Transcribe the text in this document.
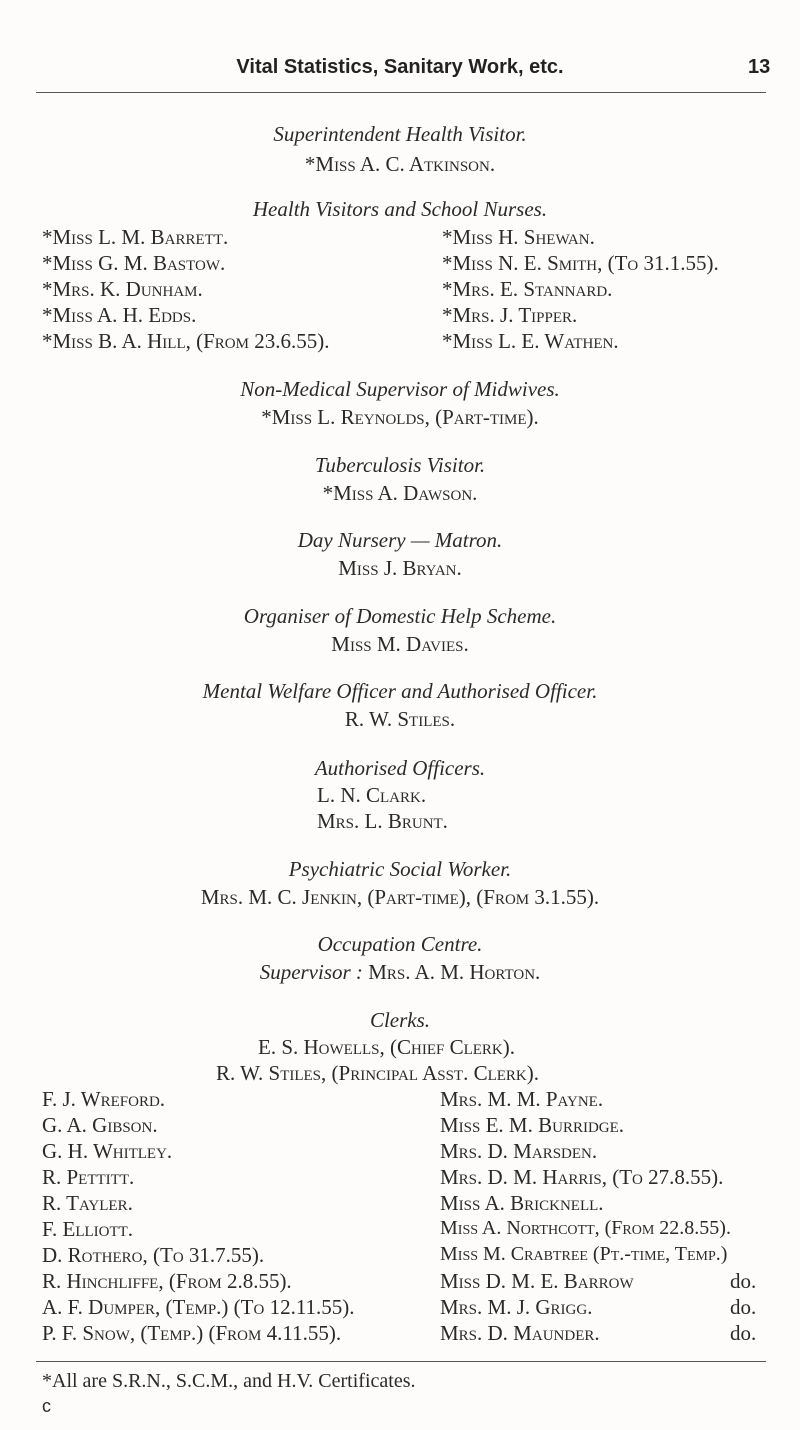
Vital Statistics, Sanitary Work, etc.	13
Superintendent Health Visitor.
*Miss A. C. Atkinson.
Health Visitors and School Nurses.
*Miss L. M. Barrett.
*Miss G. M. Bastow.
*Mrs. K. Dunham.
*Miss A. H. Edds.
*Miss B. A. Hill, (From 23.6.55).
*Miss H. Shewan.
*Miss N. E. Smith, (To 31.1.55).
*Mrs. E. Stannard.
*Mrs. J. Tipper.
*Miss L. E. Wathen.
Non-Medical Supervisor of Midwives.
*Miss L. Reynolds, (Part-time).
Tuberculosis Visitor.
*Miss A. Dawson.
Day Nursery — Matron.
Miss J. Bryan.
Organiser of Domestic Help Scheme.
Miss M. Davies.
Mental Welfare Officer and Authorised Officer.
R. W. Stiles.
Authorised Officers.
L. N. Clark.
Mrs. L. Brunt.
Psychiatric Social Worker.
Mrs. M. C. Jenkin, (Part-time), (From 3.1.55).
Occupation Centre.
Supervisor : Mrs. A. M. Horton.
Clerks.
E. S. Howells, (Chief Clerk).
R. W. Stiles, (Principal Asst. Clerk).
F. J. Wreford.
G. A. Gibson.
G. H. Whitley.
R. Pettitt.
R. Tayler.
F. Elliott.
D. Rothero, (To 31.7.55).
R. Hinchliffe, (From 2.8.55).
A. F. Dumper, (Temp.) (To 12.11.55).
P. F. Snow, (Temp.) (From 4.11.55).
Mrs. M. M. Payne.
Miss E. M. Burridge.
Mrs. D. Marsden.
Mrs. D. M. Harris, (To 27.8.55).
Miss A. Bricknell.
Miss A. Northcott, (From 22.8.55).
Miss M. Crabtree (Pt.-time, Temp.)
Miss D. M. E. Barrow
Mrs. M. J. Grigg.
Mrs. D. Maunder.
do.
do.
do.
*All are S.R.N., S.C.M., and H.V. Certificates.
c
